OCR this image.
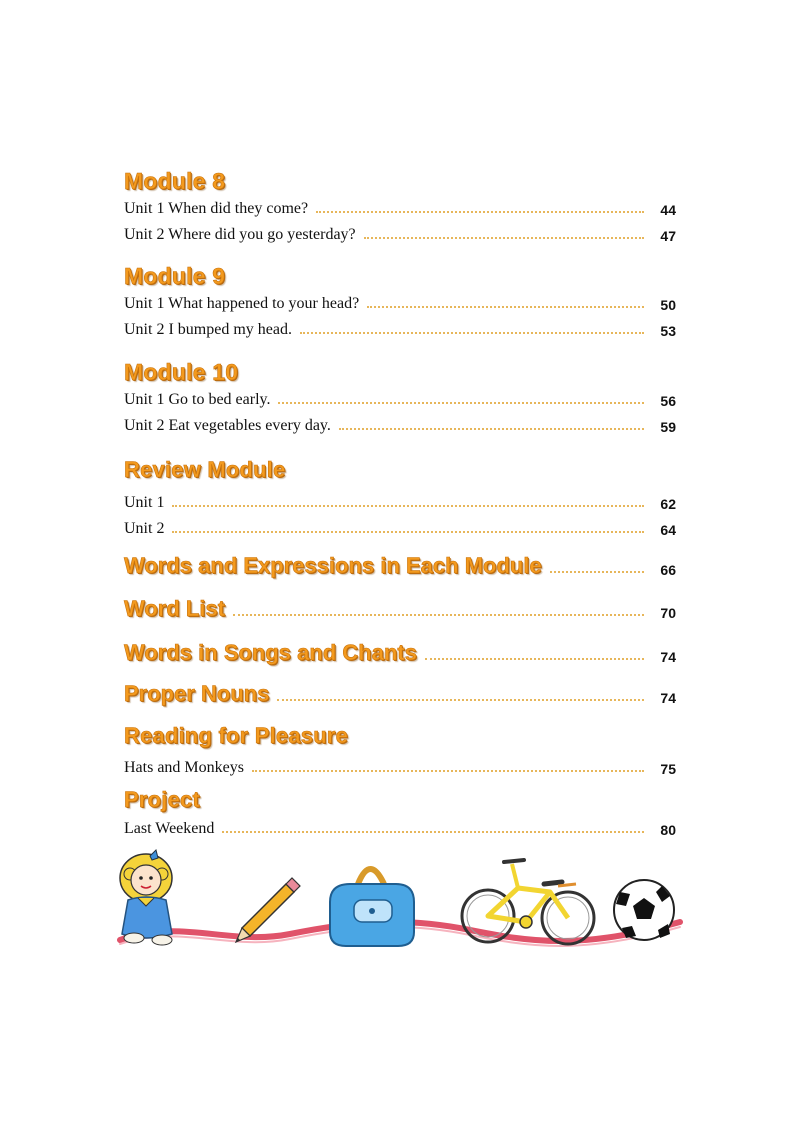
Module 8
Unit 1 When did they come?	44
Unit 2 Where did you go yesterday?	47
Module 9
Unit 1 What happened to your head?	50
Unit 2 I bumped my head.	53
Module 10
Unit 1 Go to bed early.	56
Unit 2 Eat vegetables every day.	59
Review Module
Unit 1	62
Unit 2	64
Words and Expressions in Each Module	66
Word List	70
Words in Songs and Chants	74
Proper Nouns	74
Reading for Pleasure
Hats and Monkeys	75
Project
Last Weekend	80
